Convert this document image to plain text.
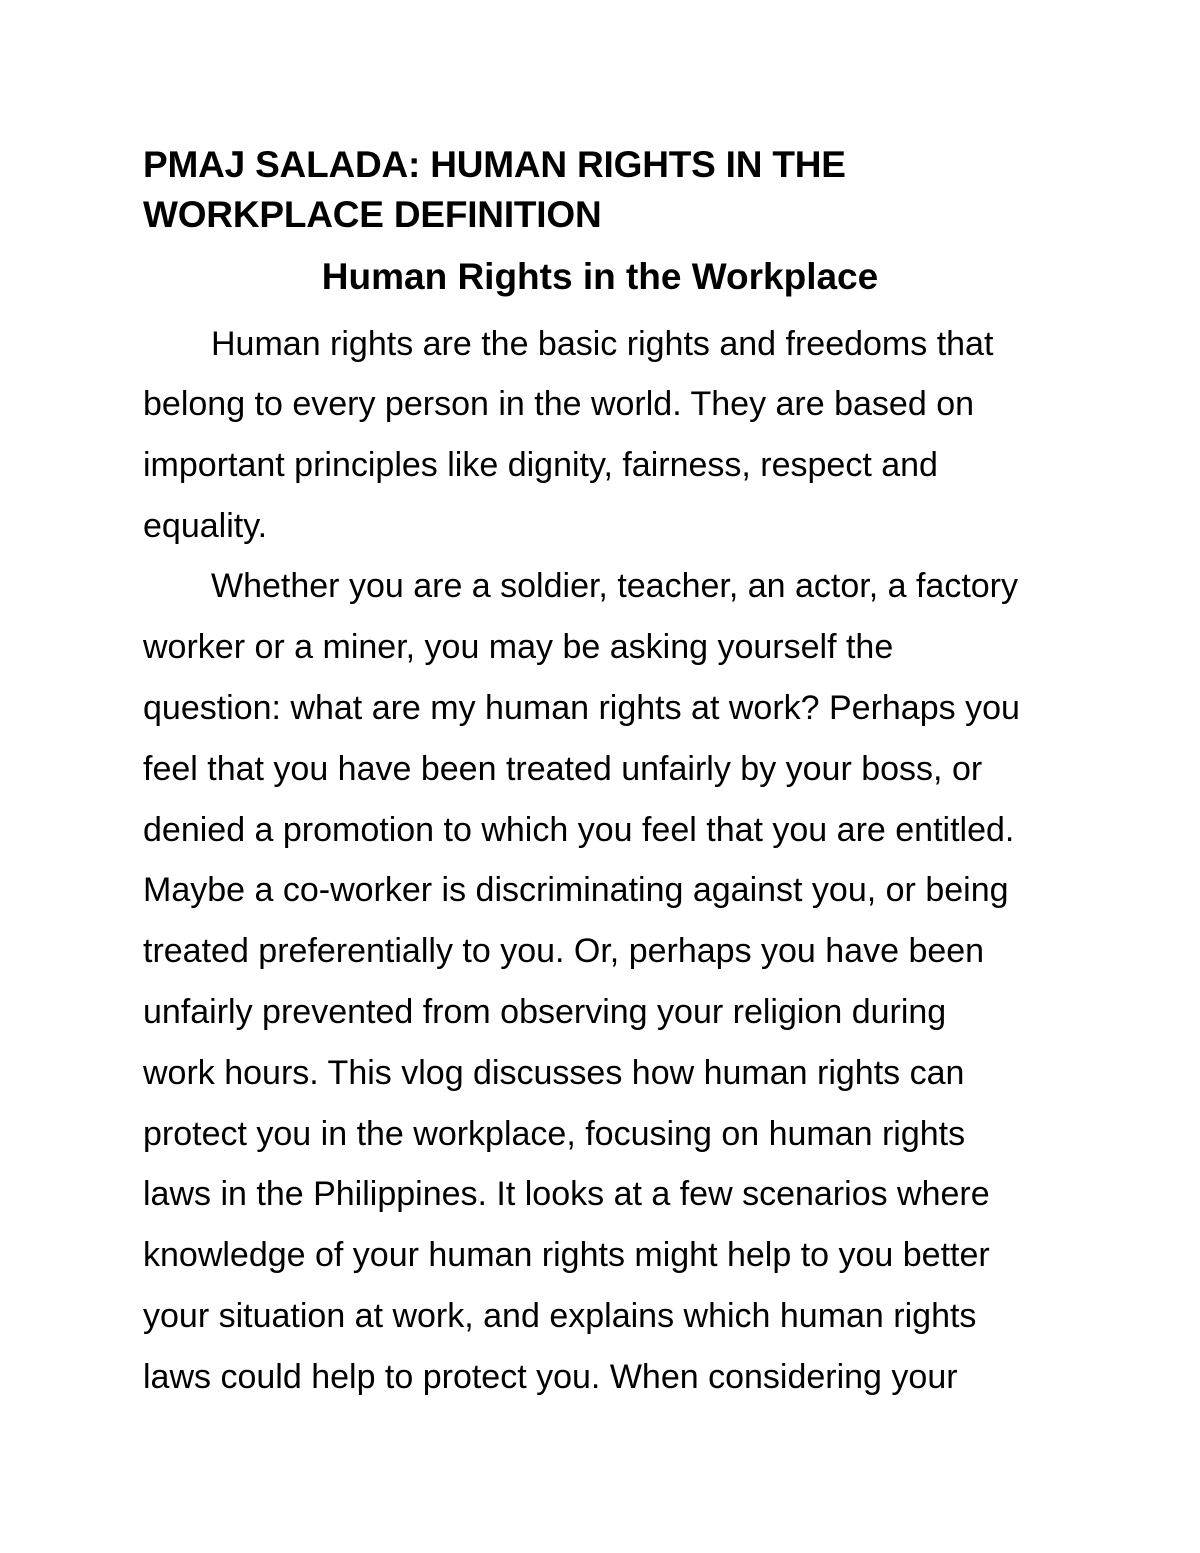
PMAJ SALADA: HUMAN RIGHTS IN THE WORKPLACE DEFINITION
Human Rights in the Workplace

Human rights are the basic rights and freedoms that

belong to every person in the world. They are based on

important principles like dignity, fairness, respect and

equality.

Whether you are a soldier, teacher, an actor, a factory

worker or a miner, you may be asking yourself the

question: what are my human rights at work? Perhaps you

feel that you have been treated unfairly by your boss, or

denied a promotion to which you feel that you are entitled.

Maybe a co-worker is discriminating against you, or being

treated preferentially to you. Or, perhaps you have been

unfairly prevented from observing your religion during

work hours. This vlog discusses how human rights can

protect you in the workplace, focusing on human rights

laws in the Philippines. It looks at a few scenarios where

knowledge of your human rights might help to you better

your situation at work, and explains which human rights

laws could help to protect you. When considering your
